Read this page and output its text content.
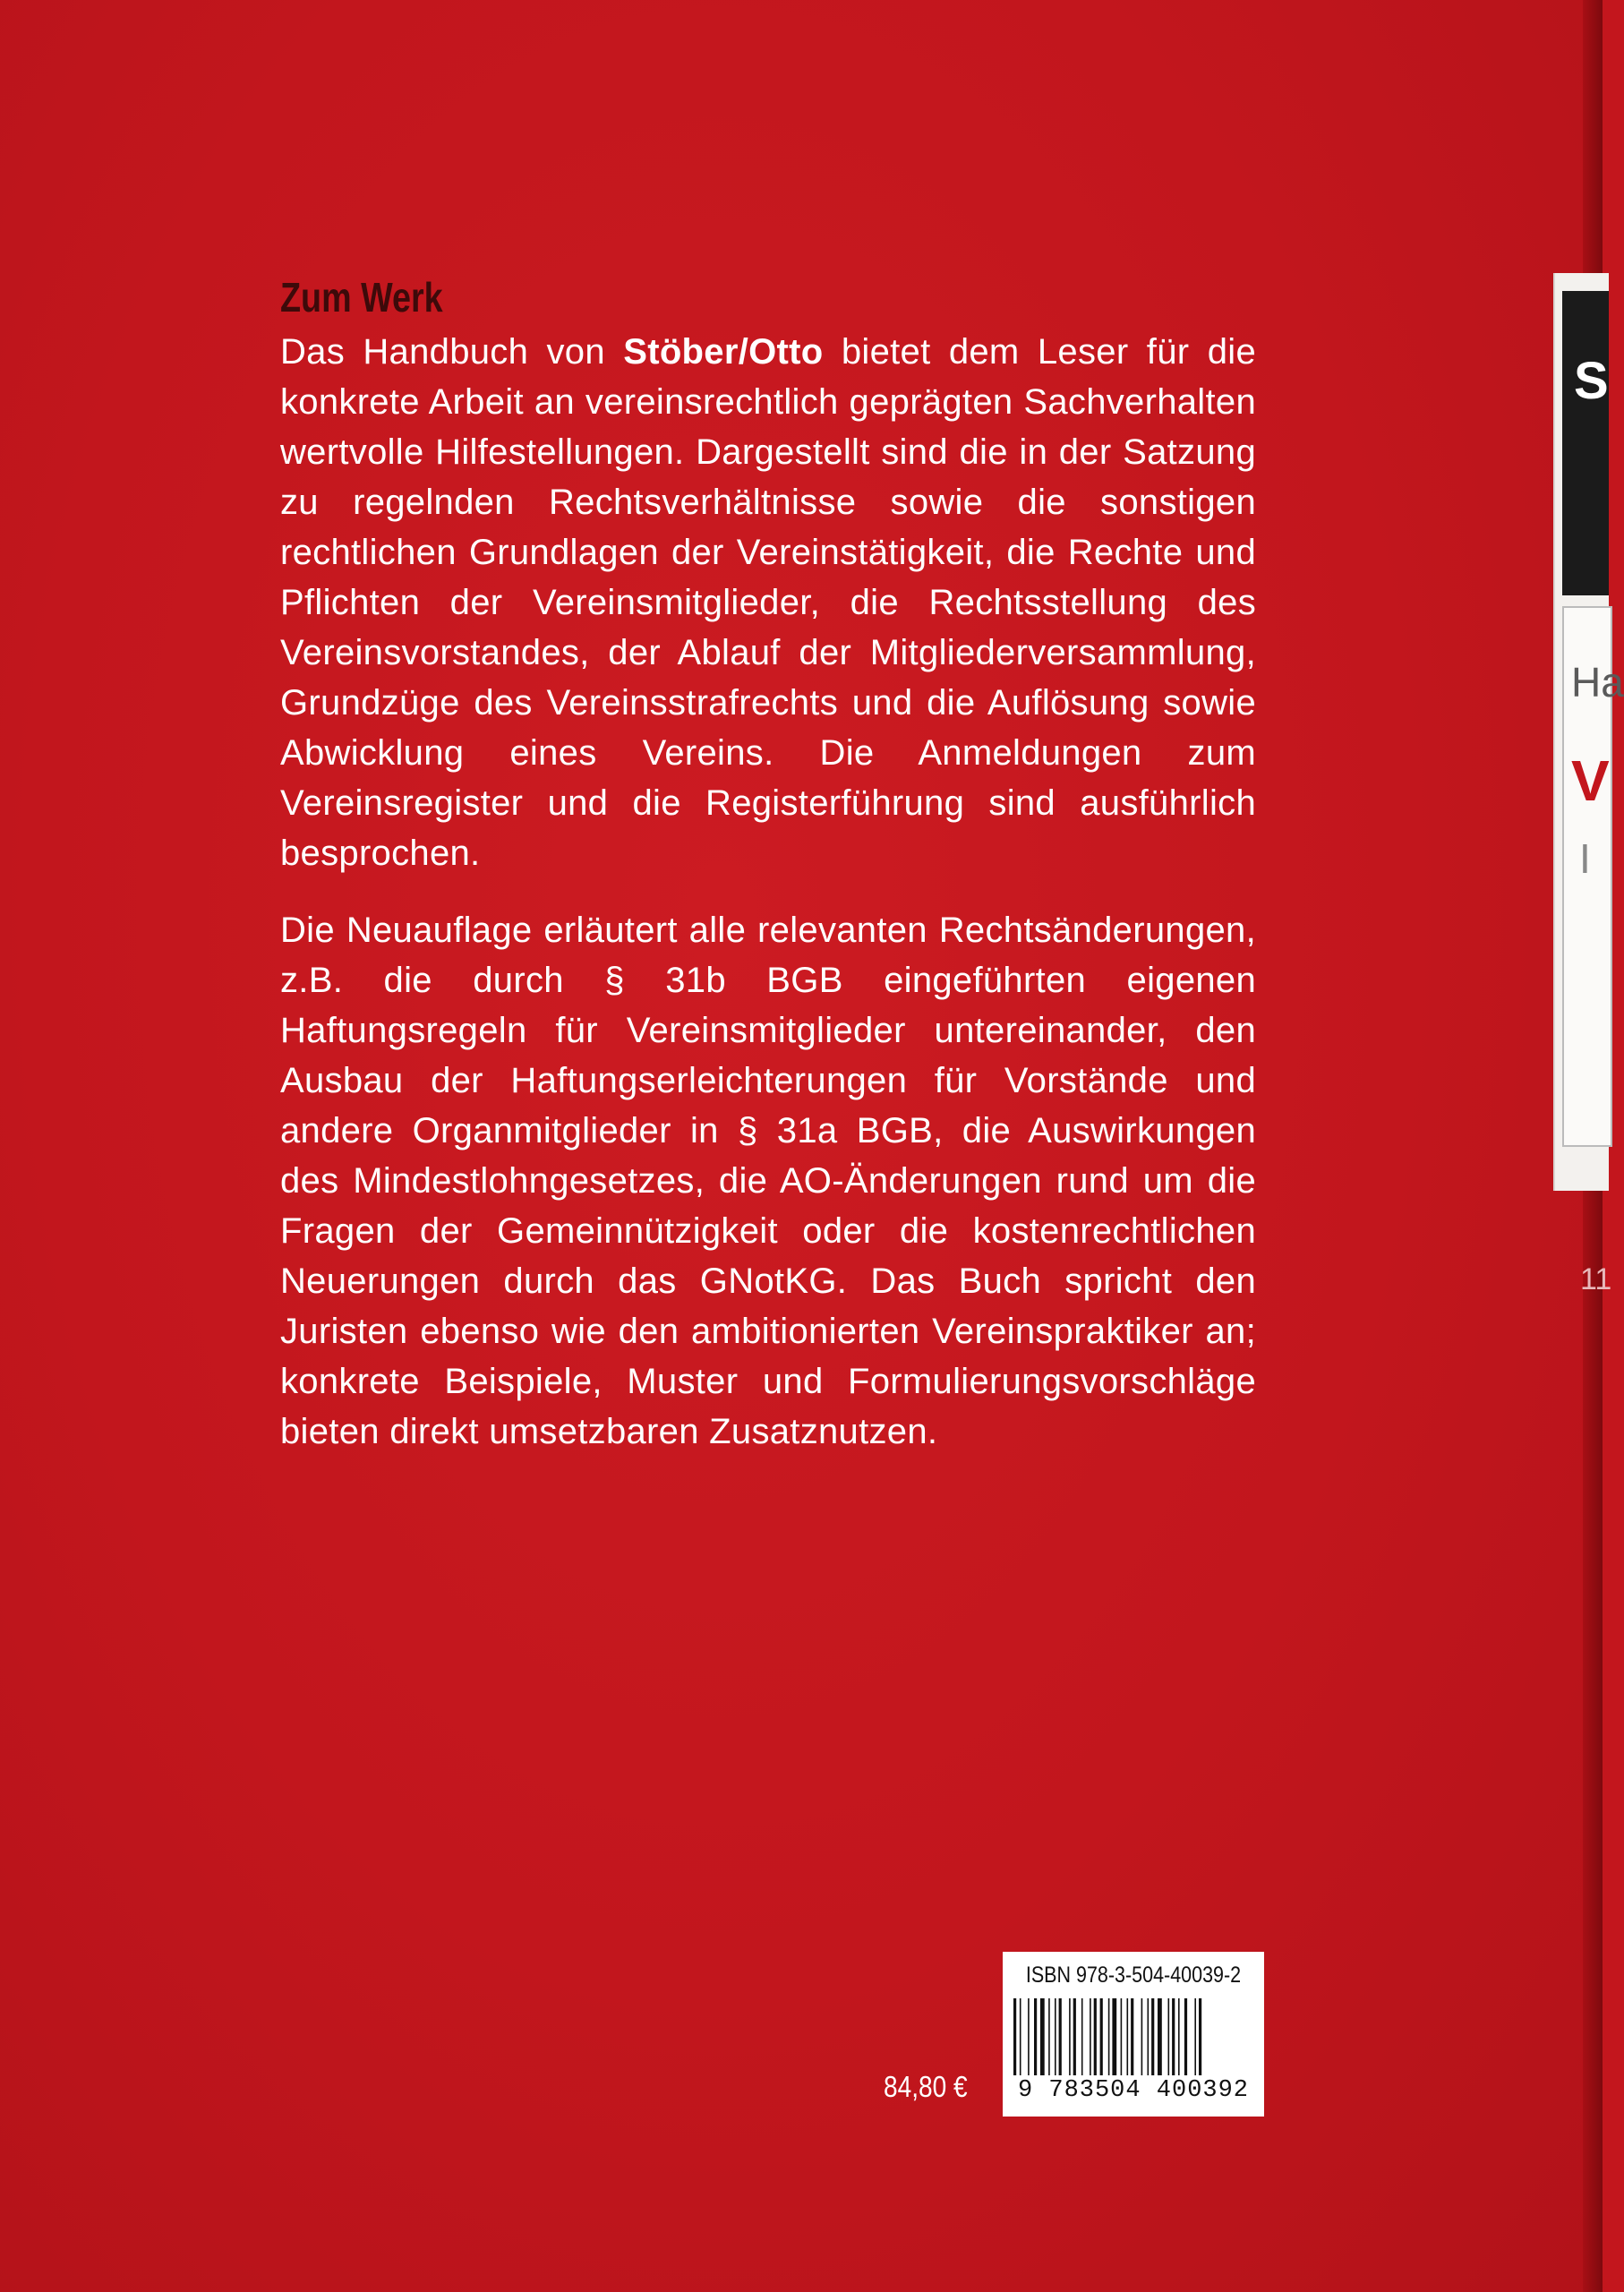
S
Ha
V
I
11
Zum Werk

Das Handbuch von Stöber/Otto bietet dem Leser für die konkrete Arbeit an vereinsrechtlich geprägten Sachverhalten wertvolle Hilfestellungen. Dargestellt sind die in der Satzung zu regelnden Rechtsverhältnisse sowie die sonstigen rechtlichen Grundlagen der Vereinstätigkeit, die Rechte und Pflichten der Vereinsmitglieder, die Rechtsstellung des Vereinsvorstandes, der Ablauf der Mitgliederversammlung, Grundzüge des Vereinsstrafrechts und die Auflösung sowie Abwicklung eines Vereins. Die Anmeldungen zum Vereinsregister und die Registerführung sind ausführlich besprochen.

Die Neuauflage erläutert alle relevanten Rechtsänderungen, z.B. die durch § 31b BGB eingeführten eigenen Haftungsregeln für Vereinsmitglieder untereinander, den Ausbau der Haftungserleichterungen für Vorstände und andere Organmitglieder in § 31a BGB, die Auswirkungen des Mindestlohngesetzes, die AO-Änderungen rund um die Fragen der Gemeinnützigkeit oder die kostenrechtlichen Neuerungen durch das GNotKG. Das Buch spricht den Juristen ebenso wie den ambitionierten Vereinspraktiker an; konkrete Beispiele, Muster und Formulierungsvorschläge bieten direkt umsetzbaren Zusatznutzen.

84,80 €
ISBN 978-3-504-40039-2
9 783504 400392
